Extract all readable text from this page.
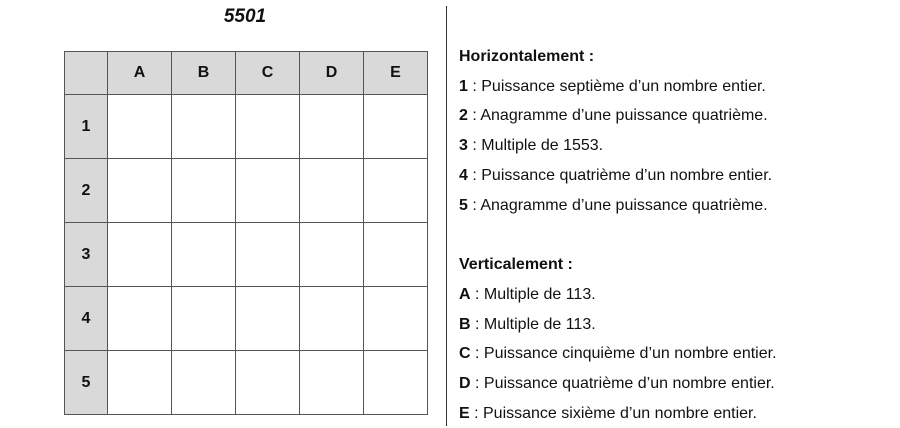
5501
	A	B	C	D	E
1					
2					
3					
4					
5					
Horizontalement :
1 : Puissance septième d’un nombre entier.
2 : Anagramme d’une puissance quatrième.
3 : Multiple de 1553.
4 : Puissance quatrième d’un nombre entier.
5 : Anagramme d’une puissance quatrième.
Verticalement :
A : Multiple de 113.
B : Multiple de 113.
C : Puissance cinquième d’un nombre entier.
D : Puissance quatrième d’un nombre entier.
E : Puissance sixième d’un nombre entier.
